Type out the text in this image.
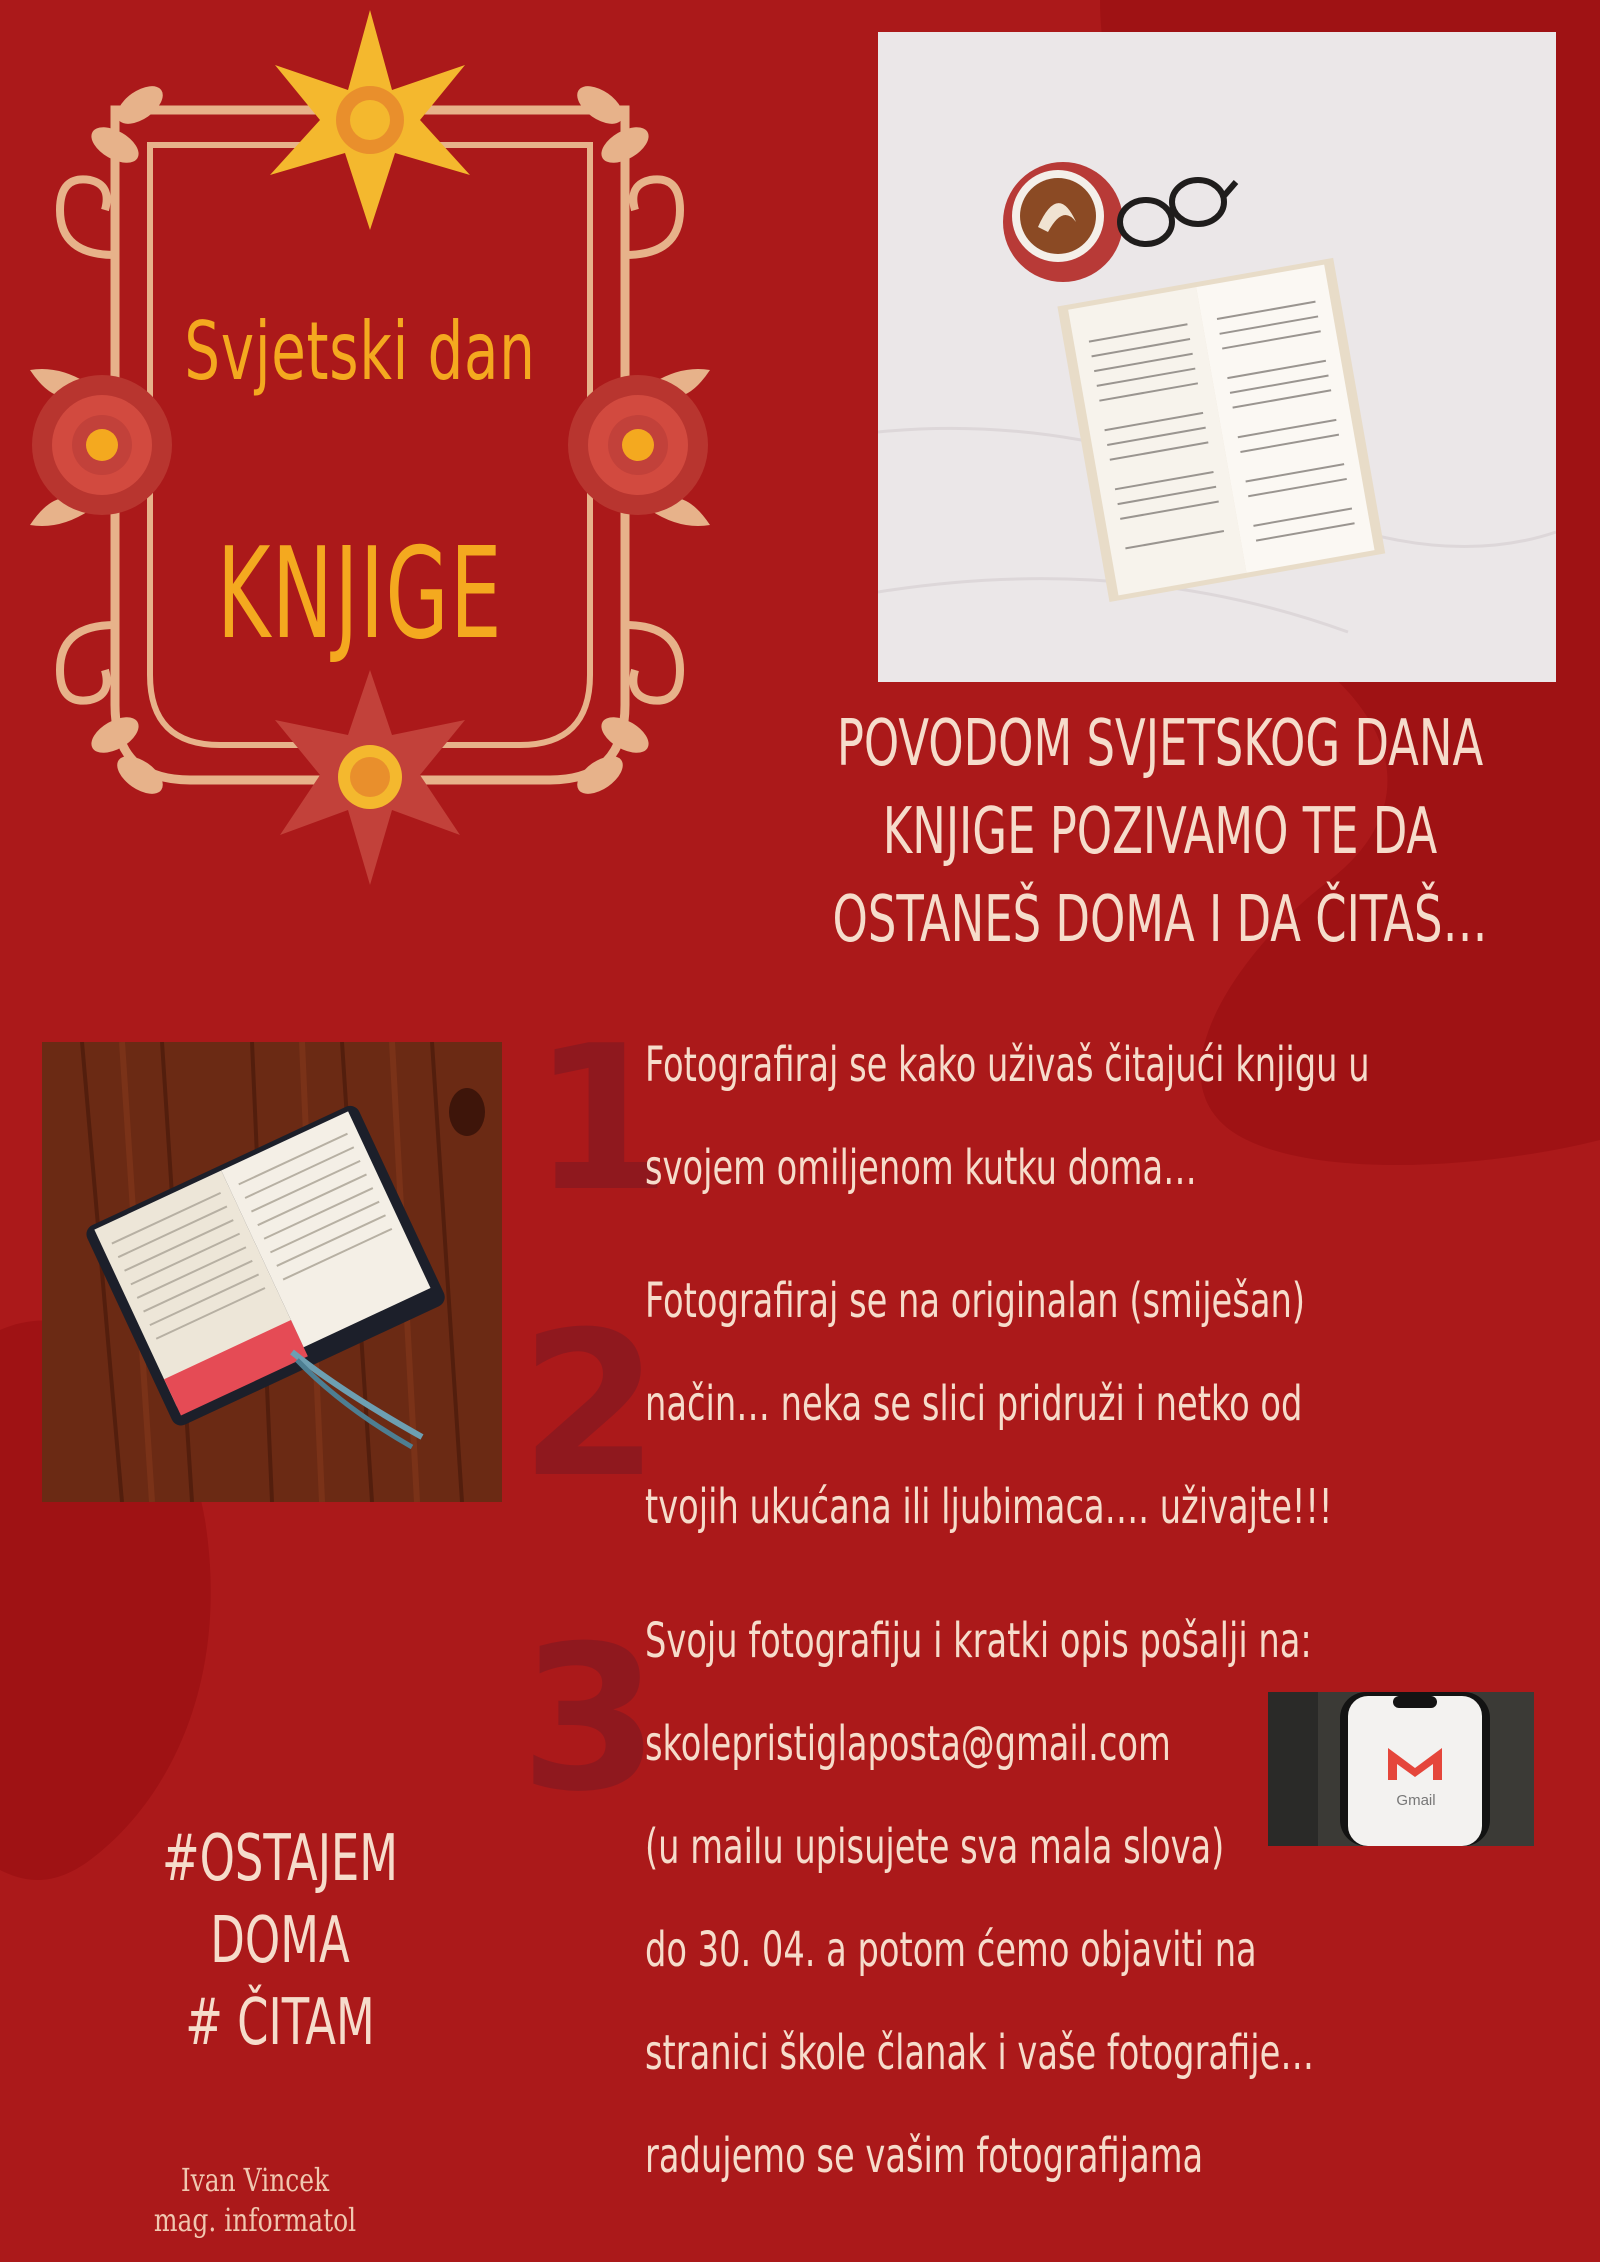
Svjetski dan
KNJIGE
POVODOM SVJETSKOG DANA KNJIGE POZIVAMO TE DA OSTANEŠ DOMA I DA ČITAŠ…
1
Fotografiraj se kako uživaš čitajući knjigu u svojem omiljenom kutku doma…
2
Fotografiraj se na originalan (smiješan) način… neka se slici pridruži i netko od tvojih ukućana ili ljubimaca…. uživajte!!!
3
Svoju fotografiju i kratki opis pošalji na:
skolepristiglaposta@gmail.com
(u mailu upisujete sva mala slova)
do 30. 04. a potom ćemo objaviti na stranici škole članak i vaše fotografije… radujemo se vašim fotografijama
Gmail
#OSTAJEM DOMA
# ČITAM
Ivan Vincek
mag. informatol
